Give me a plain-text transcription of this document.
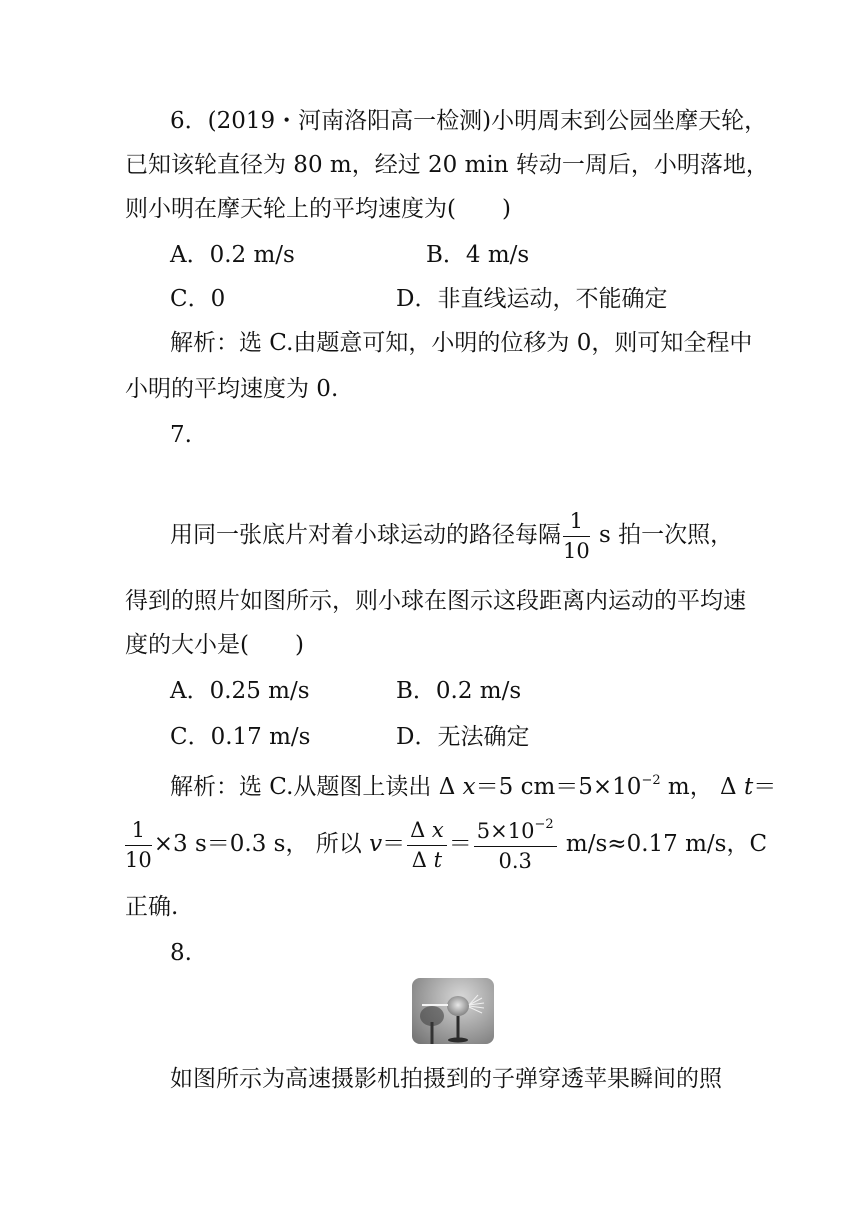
6．(2019・河南洛阳高一检测)小明周末到公园坐摩天轮，
已知该轮直径为 80 m，经过 20 min 转动一周后，小明落地，
则小明在摩天轮上的平均速度为(　　)
A．0.2 m/s	B．4 m/s
C．0	D．非直线运动，不能确定
解析：选 C.由题意可知，小明的位移为 0，则可知全程中
小明的平均速度为 0.
7.
用同一张底片对着小球运动的路径每隔 $\frac{1}{10}$ s 拍一次照，
得到的照片如图所示，则小球在图示这段距离内运动的平均速
度的大小是(　　)
A．0.25 m/s	B．0.2 m/s
C．0.17 m/s	D．无法确定
解析：选 C.从题图上读出 Δ x＝5 $cm=5\times 10^{-2}$ m， Δ t＝
$\frac{1}{10} \times 3$ s＝0.3 s， 所以 $v= \frac{\text{Δ x}}{\text{Δ t}} = \frac{5\times 10^{-2}}{0.3} m/s\approx 0.17$ m/s，C
正确.
8.
如图所示为高速摄影机拍摄到的子弹穿透苹果瞬间的照
